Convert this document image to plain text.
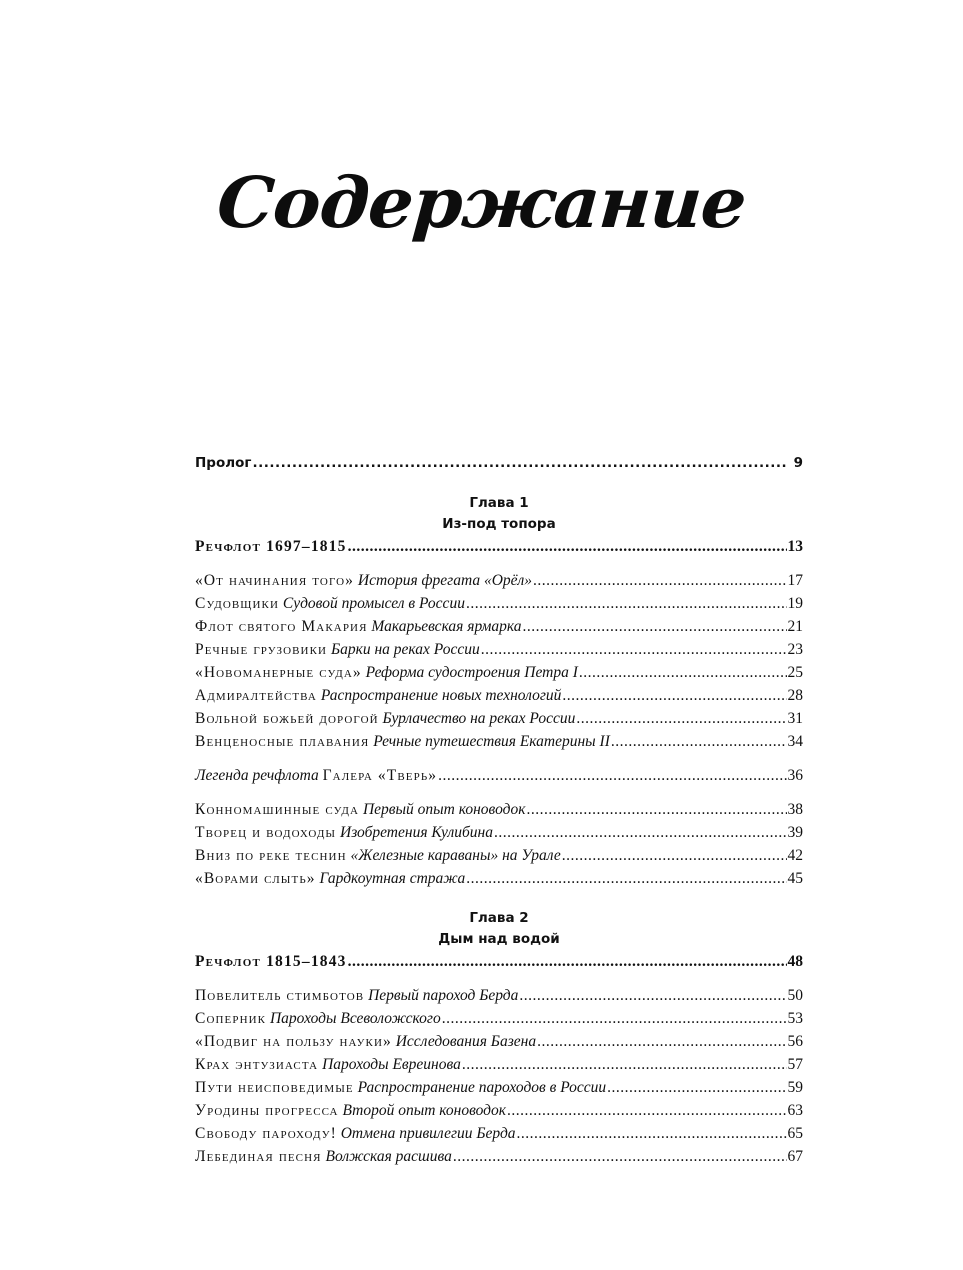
Содержание
Пролог .....	9
Глава 1
Из-под топора
Речфлот 1697–1815 .....	13
«От начинания того» История фрегата «Орёл» .....	17
Судовщики Судовой промысел в России .....	19
Флот святого Макария Макарьевская ярмарка .....	21
Речные грузовики Барки на реках России .....	23
«Новоманерные суда» Реформа судостроения Петра I .....	25
Адмиралтейства Распространение новых технологий .....	28
Вольной божьей дорогой Бурлачество на реках России .....	31
Венценосные плавания Речные путешествия Екатерины II .....	34
Легенда речфлота Галера «Тверь» .....	36
Конномашинные суда Первый опыт коноводок .....	38
Творец и водоходы Изобретения Кулибина .....	39
Вниз по реке теснин «Железные караваны» на Урале .....	42
«Ворами слыть» Гардкоутная стража .....	45
Глава 2
Дым над водой
Речфлот 1815–1843 .....	48
Повелитель стимботов Первый пароход Берда .....	50
Соперник Пароходы Всеволожского .....	53
«Подвиг на пользу науки» Исследования Базена .....	56
Крах энтузиаста Пароходы Евреинова .....	57
Пути неисповедимые Распространение пароходов в России .....	59
Уродины прогресса Второй опыт коноводок .....	63
Свободу пароходу! Отмена привилегии Берда .....	65
Лебединая песня Волжская расшива .....	67
